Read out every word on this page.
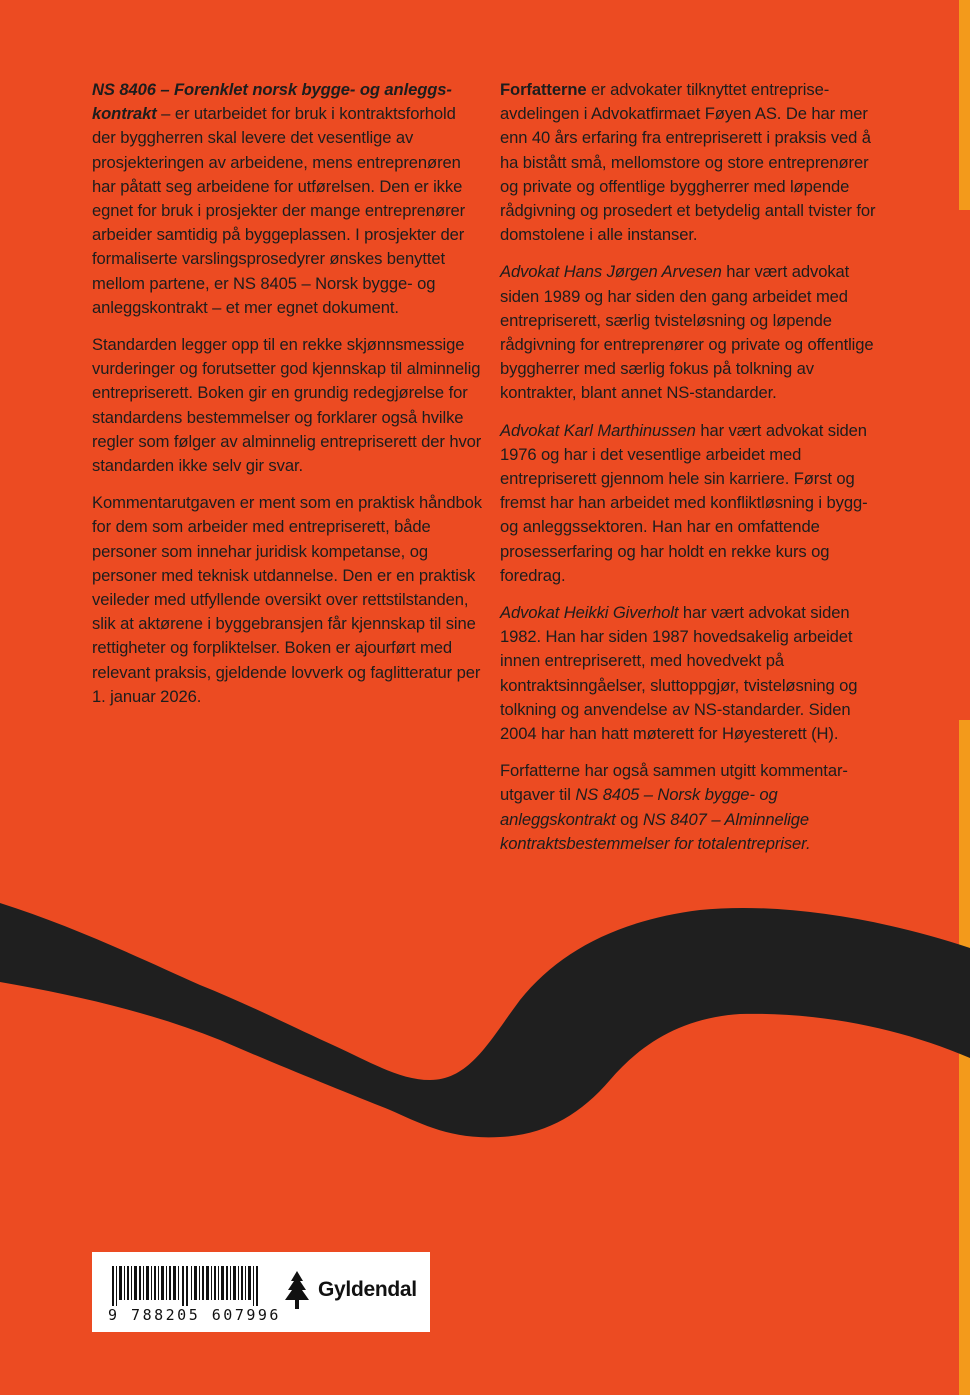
NS 8406 – Forenklet norsk bygge- og anleggskontrakt – er utarbeidet for bruk i kontraktsforhold der byggherren skal levere det vesentlige av prosjekteringen av arbeidene, mens entreprenøren har påtatt seg arbeidene for utførelsen. Den er ikke egnet for bruk i prosjekter der mange entreprenører arbeider samtidig på byggeplassen. I prosjekter der formaliserte varslingsprosedyrer ønskes benyttet mellom partene, er NS 8405 – Norsk bygge- og anleggskontrakt – et mer egnet dokument.

Standarden legger opp til en rekke skjønnsmessige vurderinger og forutsetter god kjennskap til alminnelig entrepriserett. Boken gir en grundig redegjørelse for standardens bestemmelser og forklarer også hvilke regler som følger av alminnelig entrepriserett der hvor standarden ikke selv gir svar.

Kommentarutgaven er ment som en praktisk håndbok for dem som arbeider med entrepriserett, både personer som innehar juridisk kompetanse, og personer med teknisk utdannelse. Den er en praktisk veileder med utfyllende oversikt over rettstilstanden, slik at aktørene i byggebransjen får kjennskap til sine rettigheter og forpliktelser. Boken er ajourført med relevant praksis, gjeldende lovverk og faglitteratur per 1. januar 2026.

Forfatterne er advokater tilknyttet entrepriseavdelingen i Advokatfirmaet Føyen AS. De har mer enn 40 års erfaring fra entrepriserett i praksis ved å ha bistått små, mellomstore og store entreprenører og private og offentlige byggherrer med løpende rådgivning og prosedert et betydelig antall tvister for domstolene i alle instanser.

Advokat Hans Jørgen Arvesen har vært advokat siden 1989 og har siden den gang arbeidet med entrepriserett, særlig tvisteløsning og løpende rådgivning for entreprenører og private og offentlige byggherrer med særlig fokus på tolkning av kontrakter, blant annet NS-standarder.

Advokat Karl Marthinussen har vært advokat siden 1976 og har i det vesentlige arbeidet med entrepriserett gjennom hele sin karriere. Først og fremst har han arbeidet med konfliktløsning i bygg- og anleggssektoren. Han har en omfattende prosesserfaring og har holdt en rekke kurs og foredrag.

Advokat Heikki Giverholt har vært advokat siden 1982. Han har siden 1987 hovedsakelig arbeidet innen entrepriserett, med hovedvekt på kontraktsinngåelser, sluttoppgjør, tvisteløsning og tolkning og anvendelse av NS-standarder. Siden 2004 har han hatt møterett for Høyesterett (H).

Forfatterne har også sammen utgitt kommentarutgaver til NS 8405 – Norsk bygge- og anleggskontrakt og NS 8407 – Alminnelige kontraktsbestemmelser for totalentrepriser.

9 788205 607996
Gyldendal
